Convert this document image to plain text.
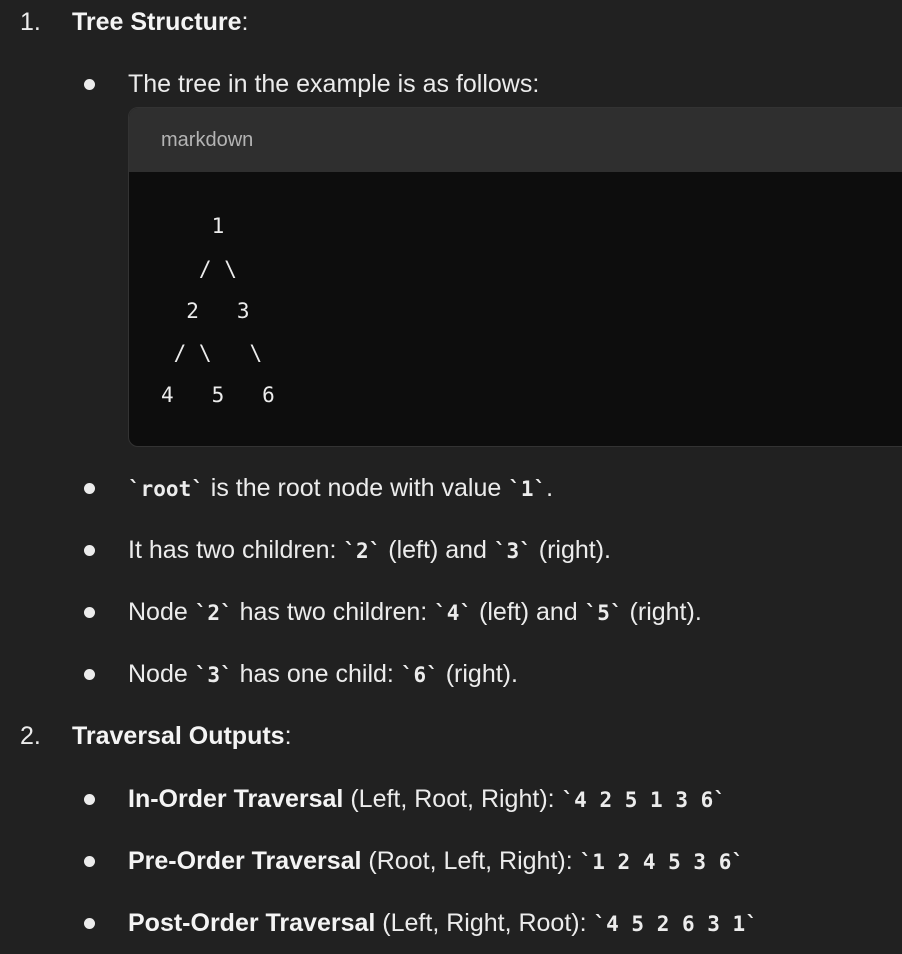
1. Tree Structure:
The tree in the example is as follows:
markdown
1
/ \
2   3
/ \   \
4   5   6
`root` is the root node with value `1`.
It has two children: `2` (left) and `3` (right).
Node `2` has two children: `4` (left) and `5` (right).
Node `3` has one child: `6` (right).
2. Traversal Outputs:
In-Order Traversal (Left, Root, Right): `4 2 5 1 3 6`
Pre-Order Traversal (Root, Left, Right): `1 2 4 5 3 6`
Post-Order Traversal (Left, Right, Root): `4 5 2 6 3 1`
